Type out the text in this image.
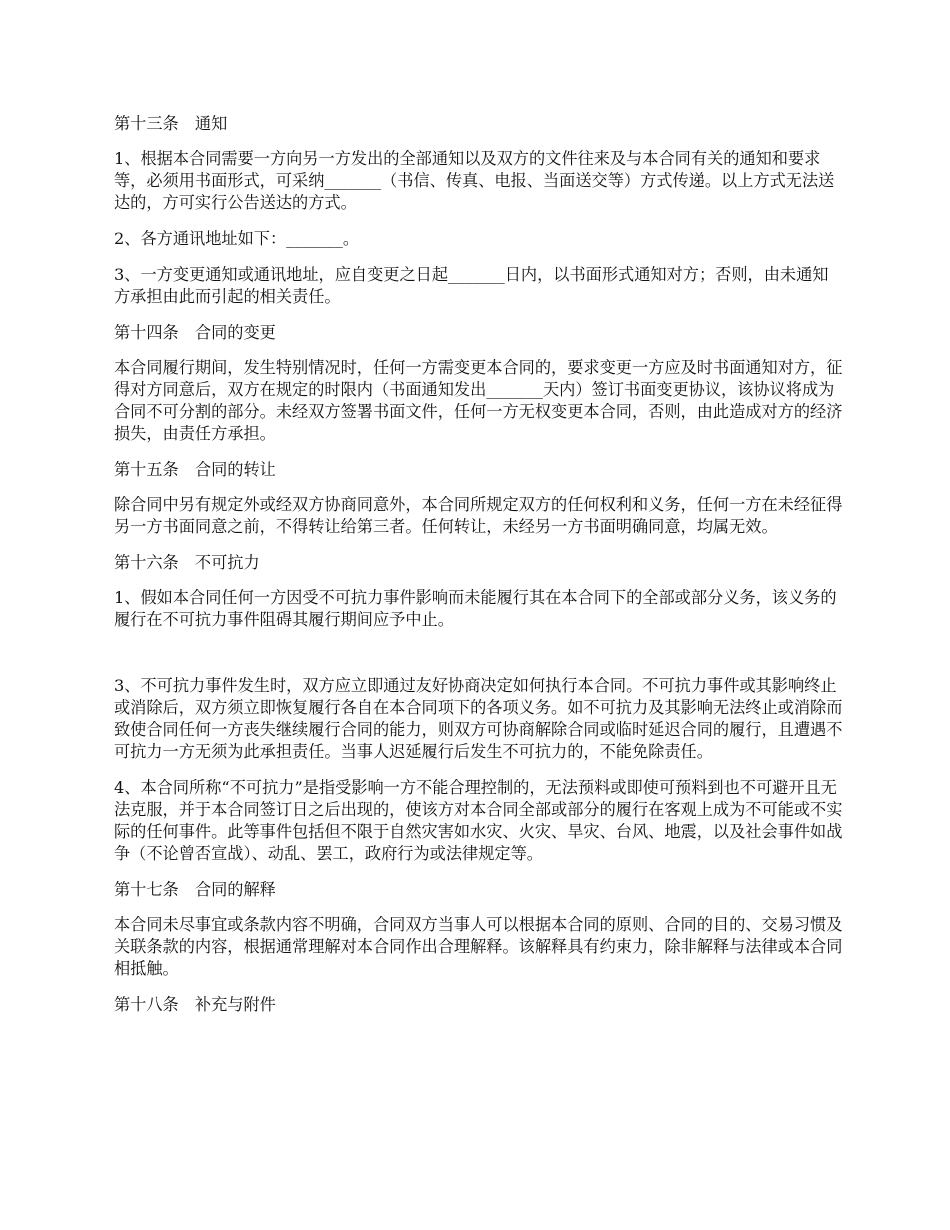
第十三条　通知
1、根据本合同需要一方向另一方发出的全部通知以及双方的文件往来及与本合同有关的通知和要求等，必须用书面形式，可采纳_______（书信、传真、电报、当面送交等）方式传递。以上方式无法送达的，方可实行公告送达的方式。
2、各方通讯地址如下：_______。
3、一方变更通知或通讯地址，应自变更之日起_______日内，以书面形式通知对方；否则，由未通知方承担由此而引起的相关责任。
第十四条　合同的变更
本合同履行期间，发生特别情况时，任何一方需变更本合同的，要求变更一方应及时书面通知对方，征得对方同意后，双方在规定的时限内（书面通知发出_______天内）签订书面变更协议，该协议将成为合同不可分割的部分。未经双方签署书面文件，任何一方无权变更本合同，否则，由此造成对方的经济损失，由责任方承担。
第十五条　合同的转让
除合同中另有规定外或经双方协商同意外，本合同所规定双方的任何权利和义务，任何一方在未经征得另一方书面同意之前，不得转让给第三者。任何转让，未经另一方书面明确同意，均属无效。
第十六条　不可抗力
1、假如本合同任何一方因受不可抗力事件影响而未能履行其在本合同下的全部或部分义务，该义务的履行在不可抗力事件阻碍其履行期间应予中止。
3、不可抗力事件发生时，双方应立即通过友好协商决定如何执行本合同。不可抗力事件或其影响终止或消除后，双方须立即恢复履行各自在本合同项下的各项义务。如不可抗力及其影响无法终止或消除而致使合同任何一方丧失继续履行合同的能力，则双方可协商解除合同或临时延迟合同的履行，且遭遇不可抗力一方无须为此承担责任。当事人迟延履行后发生不可抗力的，不能免除责任。
4、本合同所称“不可抗力”是指受影响一方不能合理控制的，无法预料或即使可预料到也不可避开且无法克服，并于本合同签订日之后出现的，使该方对本合同全部或部分的履行在客观上成为不可能或不实际的任何事件。此等事件包括但不限于自然灾害如水灾、火灾、旱灾、台风、地震，以及社会事件如战争（不论曾否宣战）、动乱、罢工，政府行为或法律规定等。
第十七条　合同的解释
本合同未尽事宜或条款内容不明确，合同双方当事人可以根据本合同的原则、合同的目的、交易习惯及关联条款的内容，根据通常理解对本合同作出合理解释。该解释具有约束力，除非解释与法律或本合同相抵触。
第十八条　补充与附件
